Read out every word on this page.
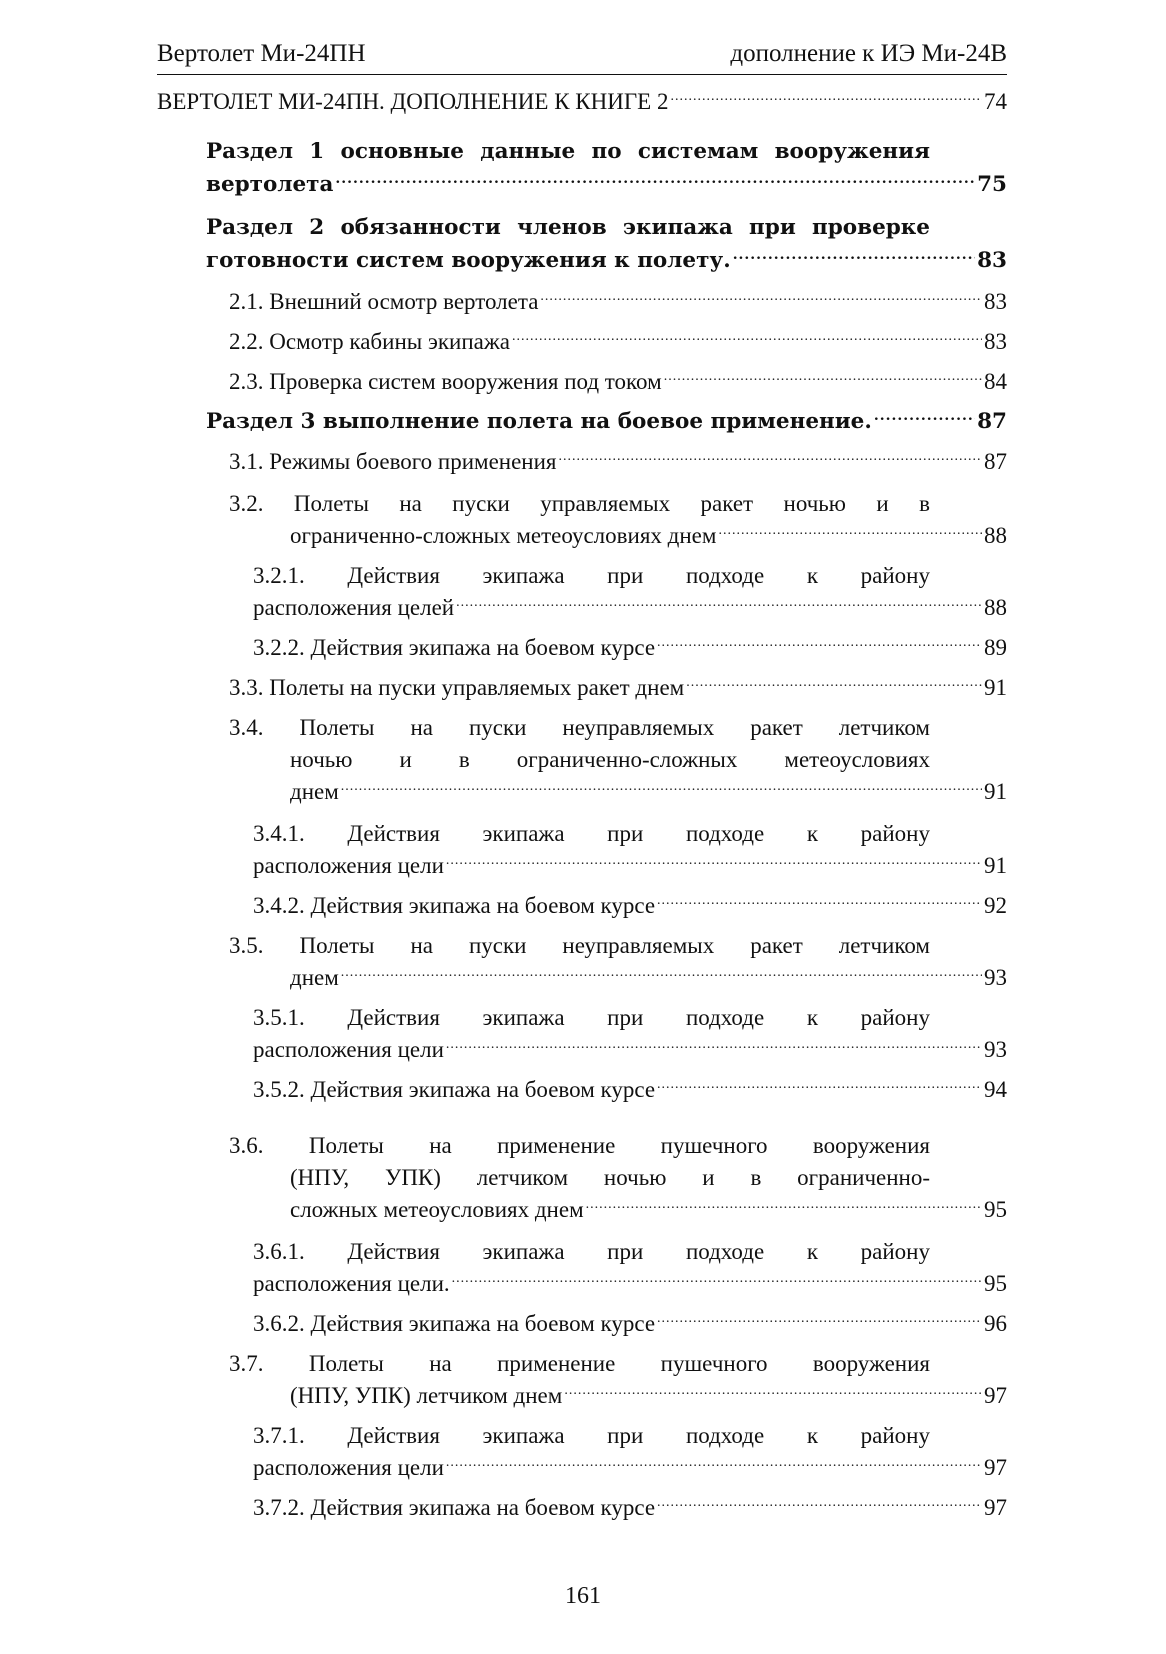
Вертолет Ми-24ПН	дополнение к ИЭ Ми-24В
ВЕРТОЛЕТ МИ-24ПН. ДОПОЛНЕНИЕ К КНИГЕ 2 .....	74
Раздел 1 основные данные по системам вооружения
вертолета .....	75
Раздел 2 обязанности членов экипажа при проверке
готовности систем вооружения к полету. .....	83
2.1. Внешний осмотр вертолета .....	83
2.2. Осмотр кабины экипажа .....	83
2.3. Проверка систем вооружения под током .....	84
Раздел 3 выполнение полета на боевое применение. .....	87
3.1. Режимы боевого применения .....	87
3.2. Полеты на пуски управляемых ракет ночью и в
ограниченно-сложных метеоусловиях днем .....	88
3.2.1. Действия экипажа при подходе к району
расположения целей .....	88
3.2.2. Действия экипажа на боевом курсе .....	89
3.3. Полеты на пуски управляемых ракет днем .....	91
3.4. Полеты на пуски неуправляемых ракет летчиком
ночью и в ограниченно-сложных метеоусловиях
днем .....	91
3.4.1. Действия экипажа при подходе к району
расположения цели .....	91
3.4.2. Действия экипажа на боевом курсе .....	92
3.5. Полеты на пуски неуправляемых ракет летчиком
днем .....	93
3.5.1. Действия экипажа при подходе к району
расположения цели .....	93
3.5.2. Действия экипажа на боевом курсе .....	94
3.6. Полеты на применение пушечного вооружения
(НПУ, УПК) летчиком ночью и в ограниченно-
сложных метеоусловиях днем .....	95
3.6.1. Действия экипажа при подходе к району
расположения цели. .....	95
3.6.2. Действия экипажа на боевом курсе .....	96
3.7. Полеты на применение пушечного вооружения
(НПУ, УПК) летчиком днем .....	97
3.7.1. Действия экипажа при подходе к району
расположения цели .....	97
3.7.2. Действия экипажа на боевом курсе .....	97
161
